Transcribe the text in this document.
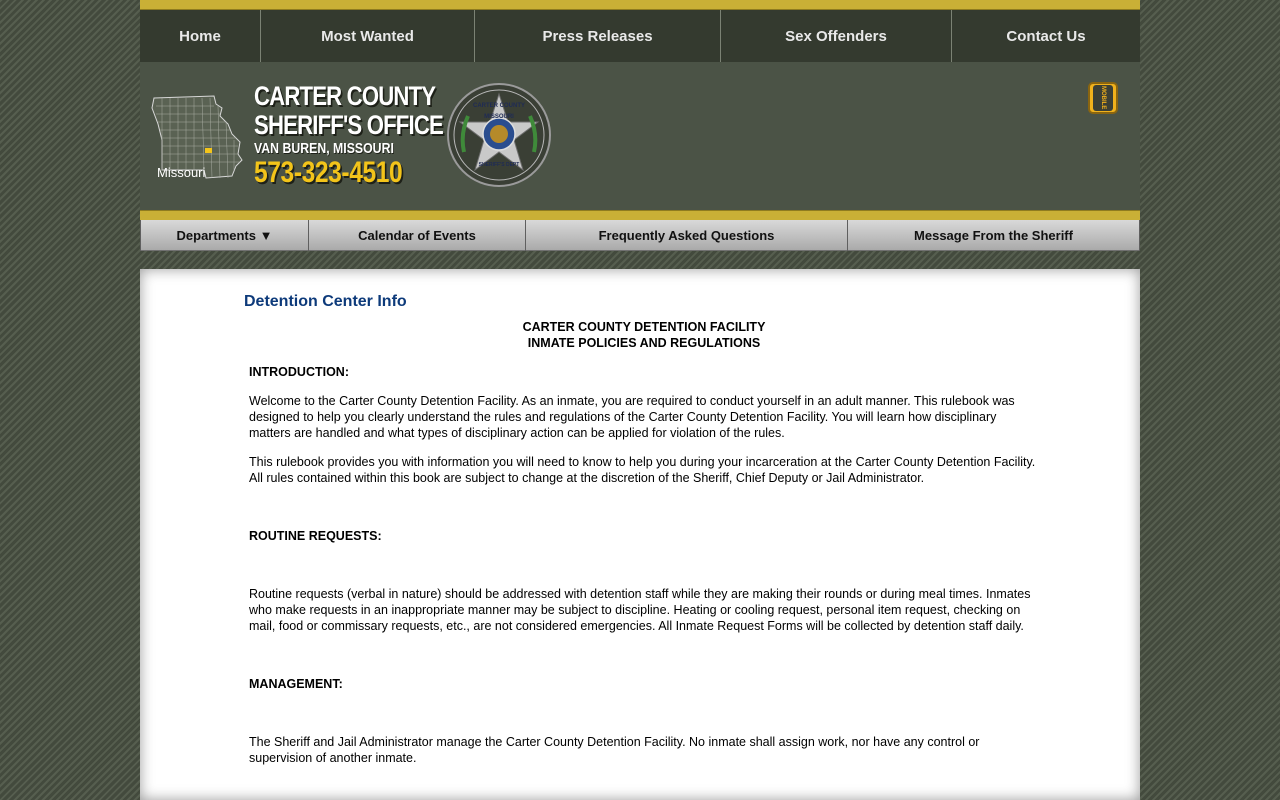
Home	Most Wanted	Press Releases	Sex Offenders	Contact Us
Missouri
CARTER COUNTY
SHERIFF'S OFFICE
VAN BUREN, MISSOURI
573-323-4510
CARTER COUNTY
MISSOURI
SHERIFF'S DEPT
MOBILE
Departments ▼	Calendar of Events	Frequently Asked Questions	Message From the Sheriff
Detention Center Info
CARTER COUNTY DETENTION FACILITY
INMATE POLICIES AND REGULATIONS
INTRODUCTION:

Welcome to the Carter County Detention Facility. As an inmate, you are required to conduct yourself in an adult manner. This rulebook was designed to help you clearly understand the rules and regulations of the Carter County Detention Facility. You will learn how disciplinary matters are handled and what types of disciplinary action can be applied for violation of the rules.

This rulebook provides you with information you will need to know to help you during your incarceration at the Carter County Detention Facility. All rules contained within this book are subject to change at the discretion of the Sheriff, Chief Deputy or Jail Administrator.

ROUTINE REQUESTS:

Routine requests (verbal in nature) should be addressed with detention staff while they are making their rounds or during meal times. Inmates who make requests in an inappropriate manner may be subject to discipline. Heating or cooling request, personal item request, checking on mail, food or commissary requests, etc., are not considered emergencies. All Inmate Request Forms will be collected by detention staff daily.

MANAGEMENT:

The Sheriff and Jail Administrator manage the Carter County Detention Facility. No inmate shall assign work, nor have any control or supervision of another inmate.
